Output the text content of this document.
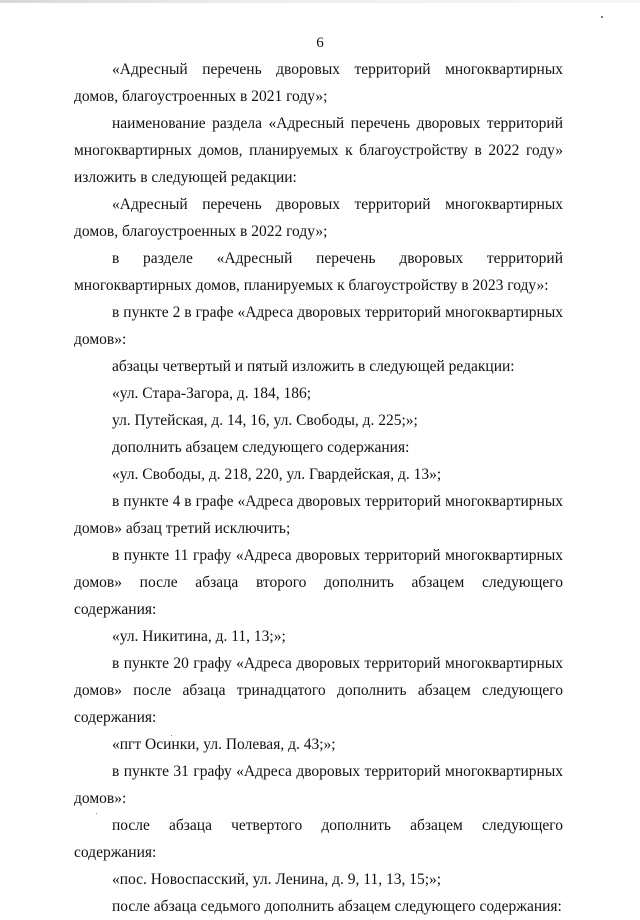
6

«Адресный перечень дворовых территорий многоквартирных домов, благоустроенных в 2021 году»;

наименование раздела «Адресный перечень дворовых территорий многоквартирных домов, планируемых к благоустройству в 2022 году» изложить в следующей редакции:

«Адресный перечень дворовых территорий многоквартирных домов, благоустроенных в 2022 году»;

в разделе «Адресный перечень дворовых территорий многоквартирных домов, планируемых к благоустройству в 2023 году»:

в пункте 2 в графе «Адреса дворовых территорий многоквартирных домов»:

абзацы четвертый и пятый изложить в следующей редакции:

«ул. Стара-Загора, д. 184, 186;

ул. Путейская, д. 14, 16, ул. Свободы, д. 225;»;

дополнить абзацем следующего содержания:

«ул. Свободы, д. 218, 220, ул. Гвардейская, д. 13»;

в пункте 4 в графе «Адреса дворовых территорий многоквартирных домов» абзац третий исключить;

в пункте 11 графу «Адреса дворовых территорий многоквартирных домов» после абзаца второго дополнить абзацем следующего содержания:

«ул. Никитина, д. 11, 13;»;

в пункте 20 графу «Адреса дворовых территорий многоквартирных домов» после абзаца тринадцатого дополнить абзацем следующего содержания:

«пгт Осинки, ул. Полевая, д. 43;»;

в пункте 31 графу «Адреса дворовых территорий многоквартирных домов»:

после абзаца четвертого дополнить абзацем следующего содержания:

«пос. Новоспасский, ул. Ленина, д. 9, 11, 13, 15;»;

после абзаца седьмого дополнить абзацем следующего содержания:
